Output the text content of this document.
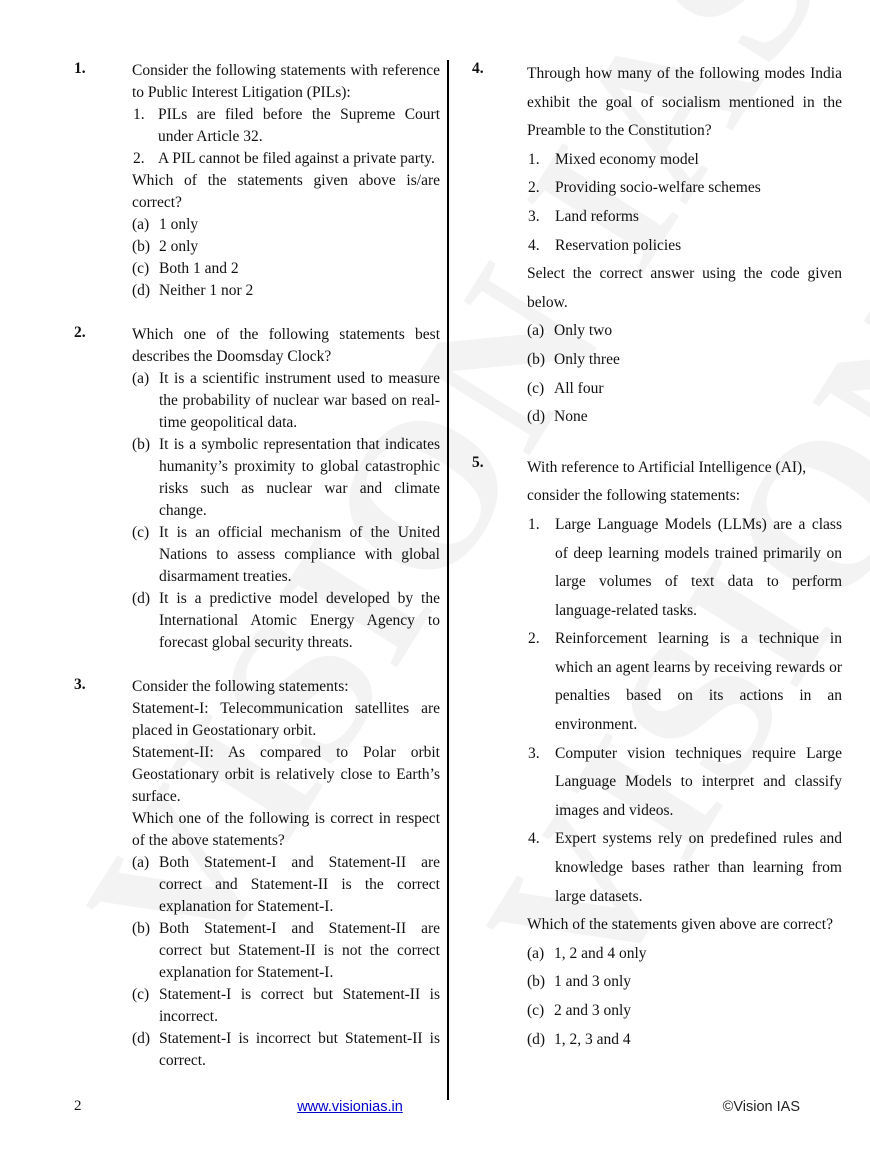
1.	Consider the following statements with reference to Public Interest Litigation (PILs):

1. PILs are filed before the Supreme Court under Article 32.

2. A PIL cannot be filed against a private party.

Which of the statements given above is/are correct?

(a) 1 only

(b) 2 only

(c) Both 1 and 2

(d) Neither 1 nor 2

2.	Which one of the following statements best describes the Doomsday Clock?

(a) It is a scientific instrument used to measure the probability of nuclear war based on real-time geopolitical data.

(b) It is a symbolic representation that indicates humanity’s proximity to global catastrophic risks such as nuclear war and climate change.

(c) It is an official mechanism of the United Nations to assess compliance with global disarmament treaties.

(d) It is a predictive model developed by the International Atomic Energy Agency to forecast global security threats.

3.	Consider the following statements:

Statement-I: Telecommunication satellites are placed in Geostationary orbit.

Statement-II: As compared to Polar orbit Geostationary orbit is relatively close to Earth’s surface.

Which one of the following is correct in respect of the above statements?

(a) Both Statement-I and Statement-II are correct and Statement-II is the correct explanation for Statement-I.

(b) Both Statement-I and Statement-II are correct but Statement-II is not the correct explanation for Statement-I.

(c) Statement-I is correct but Statement-II is incorrect.

(d) Statement-I is incorrect but Statement-II is correct.

4.	Through how many of the following modes India exhibit the goal of socialism mentioned in the Preamble to the Constitution?

1. Mixed economy model

2. Providing socio-welfare schemes

3. Land reforms

4. Reservation policies

Select the correct answer using the code given below.

(a) Only two

(b) Only three

(c) All four

(d) None

5.	With reference to Artificial Intelligence (AI), consider the following statements:

1. Large Language Models (LLMs) are a class of deep learning models trained primarily on large volumes of text data to perform language-related tasks.

2. Reinforcement learning is a technique in which an agent learns by receiving rewards or penalties based on its actions in an environment.

3. Computer vision techniques require Large Language Models to interpret and classify images and videos.

4. Expert systems rely on predefined rules and knowledge bases rather than learning from large datasets.

Which of the statements given above are correct?

(a) 1, 2 and 4 only

(b) 1 and 3 only

(c) 2 and 3 only

(d) 1, 2, 3 and 4

2	www.visionias.in	©Vision IAS
